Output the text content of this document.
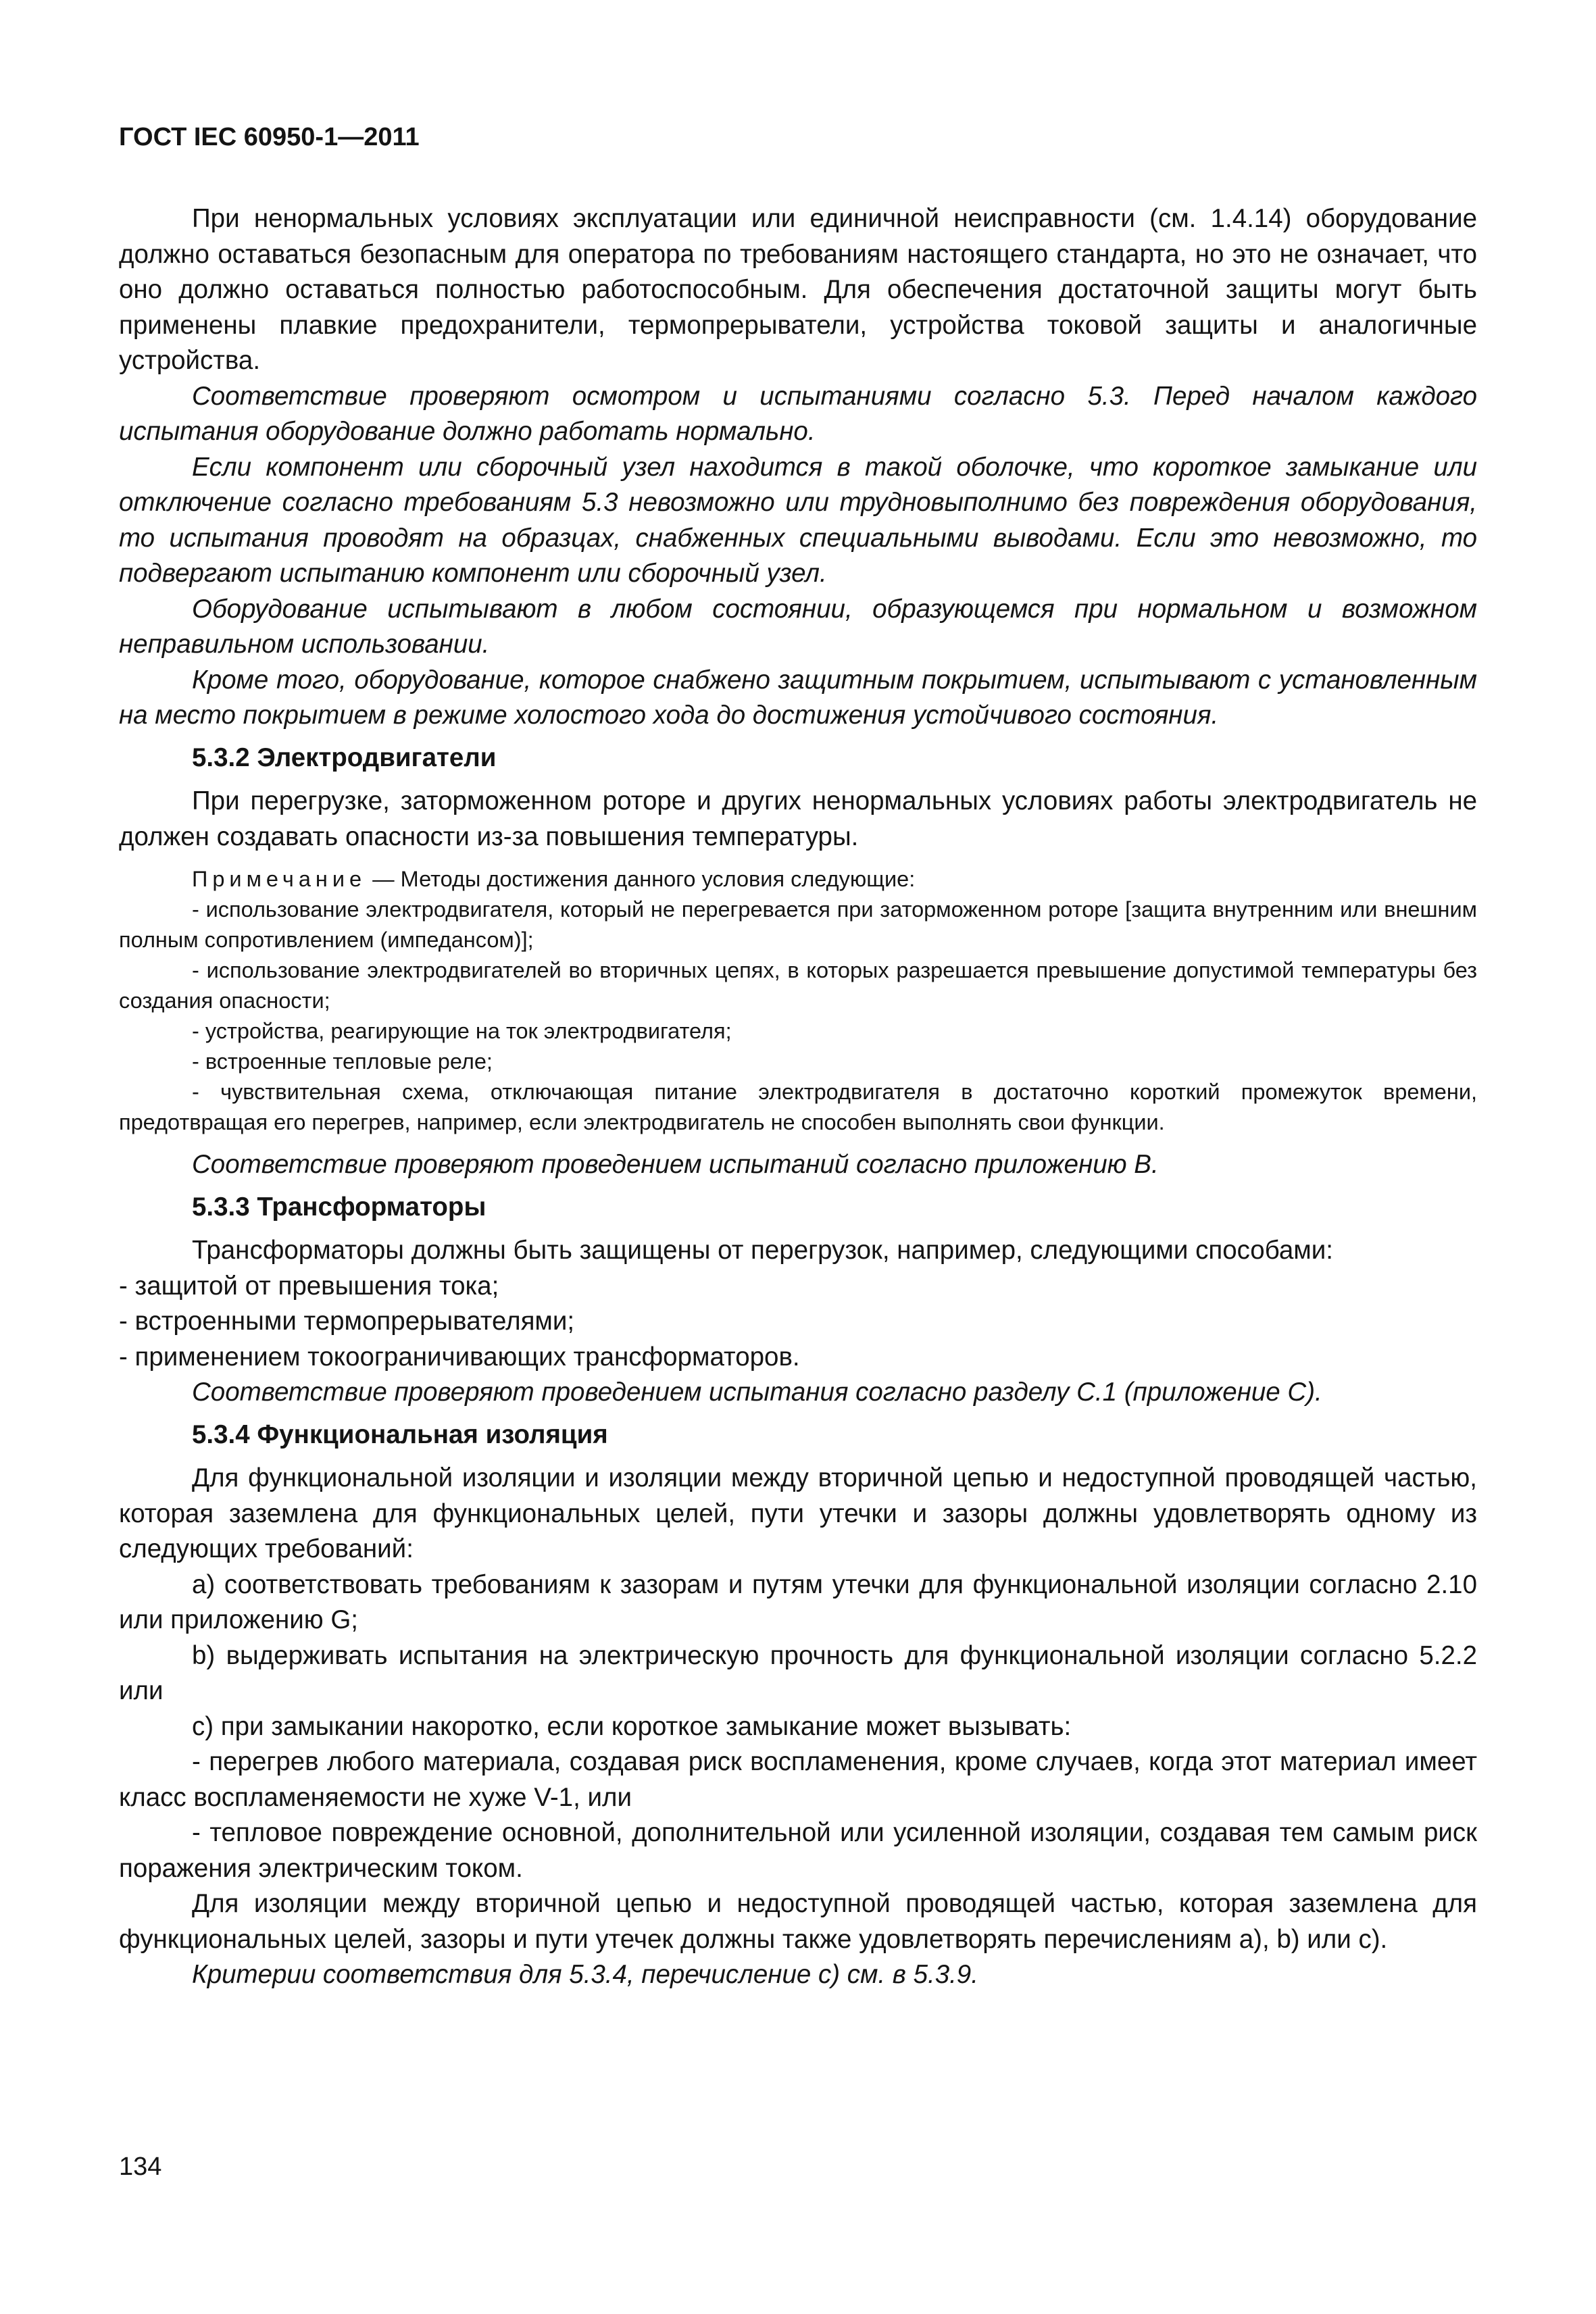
ГОСТ IEC 60950-1—2011

При ненормальных условиях эксплуатации или единичной неисправности (см. 1.4.14) оборудование должно оставаться безопасным для оператора по требованиям настоящего стандарта, но это не означает, что оно должно оставаться полностью работоспособным. Для обеспечения достаточной защиты могут быть применены плавкие предохранители, термопрерыватели, устройства токовой защиты и аналогичные устройства.

Соответствие проверяют осмотром и испытаниями согласно 5.3. Перед началом каждого испытания оборудование должно работать нормально.

Если компонент или сборочный узел находится в такой оболочке, что короткое замыкание или отключение согласно требованиям 5.3 невозможно или трудновыполнимо без повреждения оборудования, то испытания проводят на образцах, снабженных специальными выводами. Если это невозможно, то подвергают испытанию компонент или сборочный узел.

Оборудование испытывают в любом состоянии, образующемся при нормальном и возможном неправильном использовании.

Кроме того, оборудование, которое снабжено защитным покрытием, испытывают с установленным на место покрытием в режиме холостого хода до достижения устойчивого состояния.

5.3.2 Электродвигатели

При перегрузке, заторможенном роторе и других ненормальных условиях работы электродвигатель не должен создавать опасности из-за повышения температуры.

Примечание — Методы достижения данного условия следующие:

- использование электродвигателя, который не перегревается при заторможенном роторе [защита внутренним или внешним полным сопротивлением (импедансом)];

- использование электродвигателей во вторичных цепях, в которых разрешается превышение допустимой температуры без создания опасности;

- устройства, реагирующие на ток электродвигателя;

- встроенные тепловые реле;

- чувствительная схема, отключающая питание электродвигателя в достаточно короткий промежуток времени, предотвращая его перегрев, например, если электродвигатель не способен выполнять свои функции.

Соответствие проверяют проведением испытаний согласно приложению В.

5.3.3 Трансформаторы

Трансформаторы должны быть защищены от перегрузок, например, следующими способами:

- защитой от превышения тока;

- встроенными термопрерывателями;

- применением токоограничивающих трансформаторов.

Соответствие проверяют проведением испытания согласно разделу С.1 (приложение С).

5.3.4 Функциональная изоляция

Для функциональной изоляции и изоляции между вторичной цепью и недоступной проводящей частью, которая заземлена для функциональных целей, пути утечки и зазоры должны удовлетворять одному из следующих требований:

а) соответствовать требованиям к зазорам и путям утечки для функциональной изоляции согласно 2.10 или приложению G;

b) выдерживать испытания на электрическую прочность для функциональной изоляции согласно 5.2.2 или

с) при замыкании накоротко, если короткое замыкание может вызывать:

- перегрев любого материала, создавая риск воспламенения, кроме случаев, когда этот материал имеет класс воспламеняемости не хуже V-1, или

- тепловое повреждение основной, дополнительной или усиленной изоляции, создавая тем самым риск поражения электрическим током.

Для изоляции между вторичной цепью и недоступной проводящей частью, которая заземлена для функциональных целей, зазоры и пути утечек должны также удовлетворять перечислениям а), b) или с).

Критерии соответствия для 5.3.4, перечисление с) см. в 5.3.9.

134
